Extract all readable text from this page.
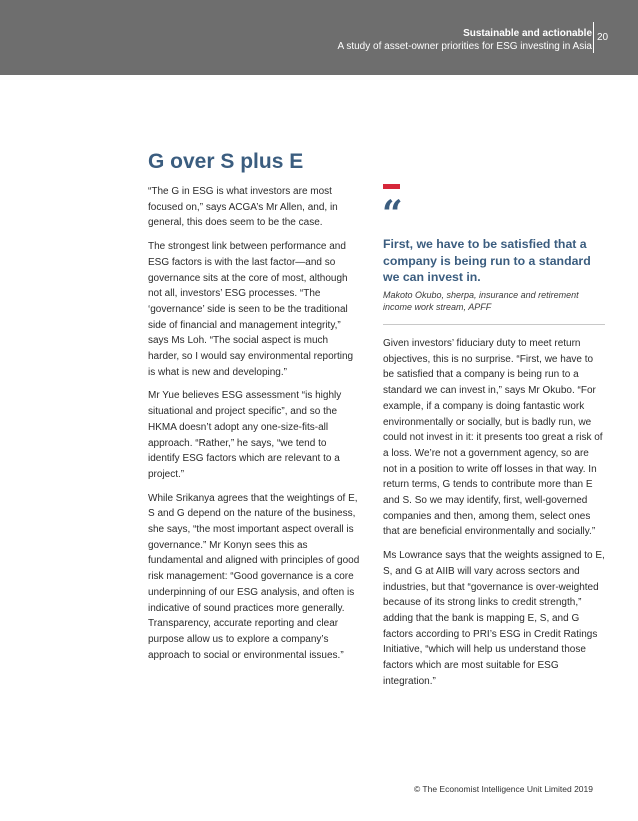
Sustainable and actionable
A study of asset-owner priorities for ESG investing in Asia
20
G over S plus E

“The G in ESG is what investors are most focused on,” says ACGA’s Mr Allen, and, in general, this does seem to be the case.

The strongest link between performance and ESG factors is with the last factor—and so governance sits at the core of most, although not all, investors’ ESG processes. “The ‘governance’ side is seen to be the traditional side of financial and management integrity,” says Ms Loh. “The social aspect is much harder, so I would say environmental reporting is what is new and developing.”

Mr Yue believes ESG assessment “is highly situational and project specific”, and so the HKMA doesn’t adopt any one-size-fits-all approach. “Rather,” he says, “we tend to identify ESG factors which are relevant to a project.”

While Srikanya agrees that the weightings of E, S and G depend on the nature of the business, she says, “the most important aspect overall is governance.” Mr Konyn sees this as fundamental and aligned with principles of good risk management: “Good governance is a core underpinning of our ESG analysis, and often is indicative of sound practices more generally. Transparency, accurate reporting and clear purpose allow us to explore a company’s approach to social or environmental issues.”

“
First, we have to be satisfied that a company is being run to a standard we can invest in.
Makoto Okubo, sherpa, insurance and retirement income work stream, APFF

Given investors’ fiduciary duty to meet return objectives, this is no surprise. “First, we have to be satisfied that a company is being run to a standard we can invest in,” says Mr Okubo. “For example, if a company is doing fantastic work environmentally or socially, but is badly run, we could not invest in it: it presents too great a risk of a loss. We’re not a government agency, so are not in a position to write off losses in that way. In return terms, G tends to contribute more than E and S. So we may identify, first, well-governed companies and then, among them, select ones that are beneficial environmentally and socially.”

Ms Lowrance says that the weights assigned to E, S, and G at AIIB will vary across sectors and industries, but that “governance is over-weighted because of its strong links to credit strength,” adding that the bank is mapping E, S, and G factors according to PRI’s ESG in Credit Ratings Initiative, “which will help us understand those factors which are most suitable for ESG integration.”

© The Economist Intelligence Unit Limited 2019
